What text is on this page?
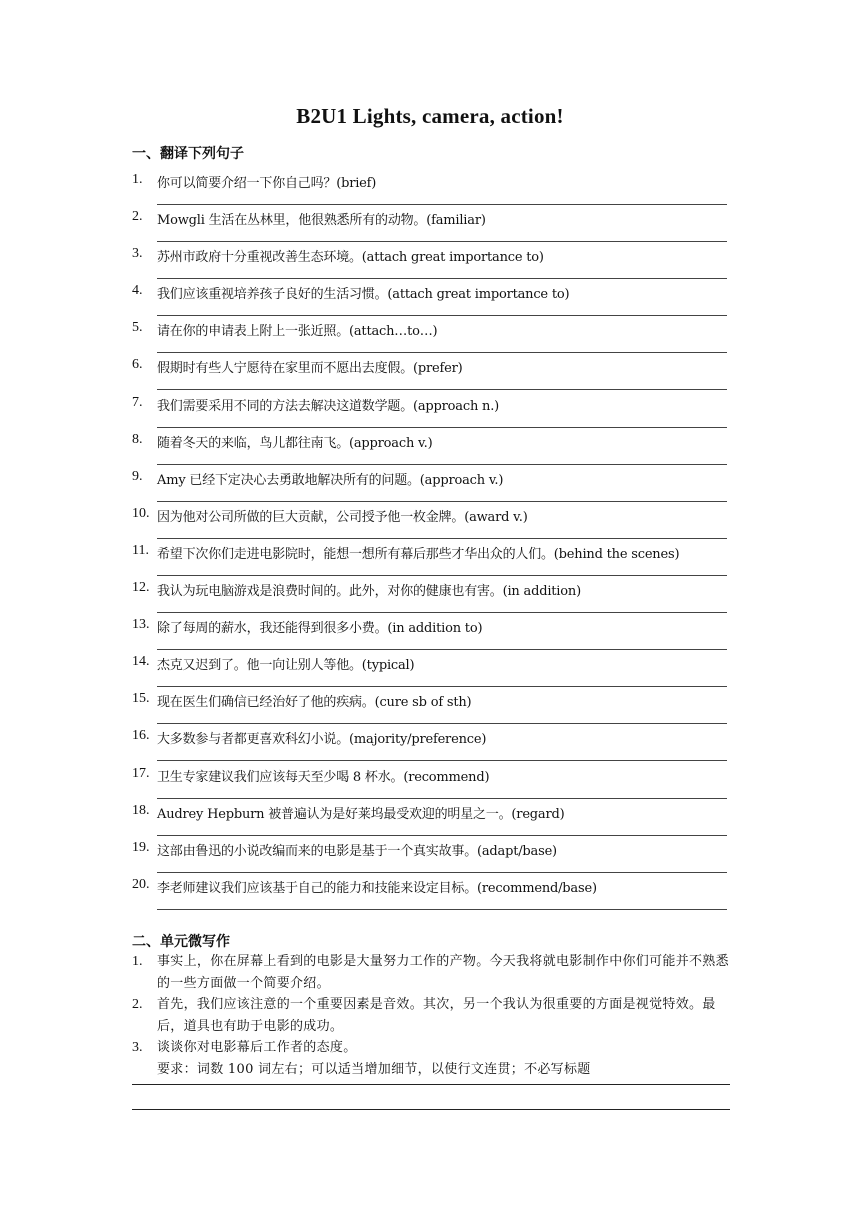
B2U1 Lights, camera, action!
一、翻译下列句子
1. 你可以简要介绍一下你自己吗？(brief)
2. Mowgli 生活在丛林里，他很熟悉所有的动物。(familiar)
3. 苏州市政府十分重视改善生态环境。(attach great importance to)
4. 我们应该重视培养孩子良好的生活习惯。(attach great importance to)
5. 请在你的申请表上附上一张近照。(attach…to…)
6. 假期时有些人宁愿待在家里而不愿出去度假。(prefer)
7. 我们需要采用不同的方法去解决这道数学题。(approach n.)
8. 随着冬天的来临，鸟儿都往南飞。(approach v.)
9. Amy 已经下定决心去勇敢地解决所有的问题。(approach v.)
10. 因为他对公司所做的巨大贡献，公司授予他一枚金牌。(award v.)
11. 希望下次你们走进电影院时，能想一想所有幕后那些才华出众的人们。(behind the scenes)
12. 我认为玩电脑游戏是浪费时间的。此外，对你的健康也有害。(in addition)
13. 除了每周的薪水，我还能得到很多小费。(in addition to)
14. 杰克又迟到了。他一向让别人等他。(typical)
15. 现在医生们确信已经治好了他的疾病。(cure sb of sth)
16. 大多数参与者都更喜欢科幻小说。(majority/preference)
17. 卫生专家建议我们应该每天至少喝 8 杯水。(recommend)
18. Audrey Hepburn 被普遍认为是好莱坞最受欢迎的明星之一。(regard)
19. 这部由鲁迅的小说改编而来的电影是基于一个真实故事。(adapt/base)
20. 李老师建议我们应该基于自己的能力和技能来设定目标。(recommend/base)
二、单元微写作
1. 事实上，你在屏幕上看到的电影是大量努力工作的产物。今天我将就电影制作中你们可能并不熟悉的一些方面做一个简要介绍。
2. 首先，我们应该注意的一个重要因素是音效。其次，另一个我认为很重要的方面是视觉特效。最后，道具也有助于电影的成功。
3. 谈谈你对电影幕后工作者的态度。
要求：词数 100 词左右；可以适当增加细节，以使行文连贯；不必写标题
